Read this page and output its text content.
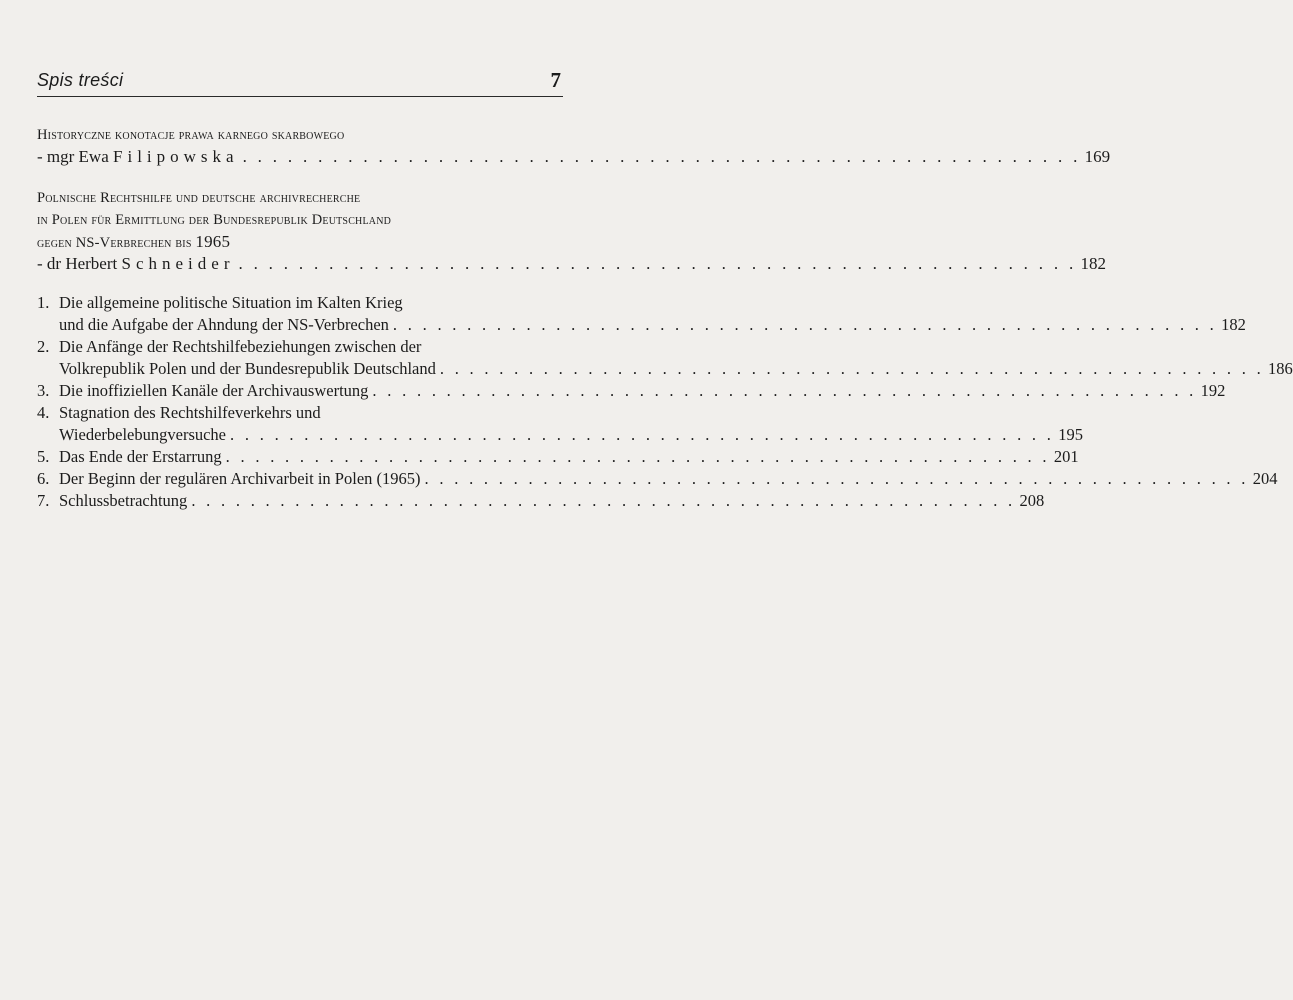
Spis treści	7
Historyczne konotacje prawa karnego skarbowego
- mgr Ewa Filipowska . . . . . . . . . . . . . . . . . . . . . . . . . . . . . . . . . . . . . . . . . . . . . . . . . . . . . . . . 169
Polnische Rechtshilfe und deutsche archivrecherche
in Polen für Ermittlung der Bundesrepublik Deutschland
gegen NS-Verbrechen bis 1965
- dr Herbert Schneider . . . . . . . . . . . . . . . . . . . . . . . . . . . . . . . . . . . . . . . . . . . . . . . . . . . . . . . . 182
1. Die allgemeine politische Situation im Kalten Krieg
und die Aufgabe der Ahndung der NS-Verbrechen . . . . . . . . . . . . . . . . . . . . . . . . . . . . . . . . . . . . . . . . . . . . . . . . . . . . . . . . 182
2. Die Anfänge der Rechtshilfebeziehungen zwischen der
Volkrepublik Polen und der Bundesrepublik Deutschland . . . . . . . . . . . . . . . . . . . . . . . . . . . . . . . . . . . . . . . . . . . . . . . . . . . . . . . . 186
3. Die inoffiziellen Kanäle der Archivauswertung . . . . . . . . . . . . . . . . . . . . . . . . . . . . . . . . . . . . . . . . . . . . . . . . . . . . . . . . 192
4. Stagnation des Rechtshilfeverkehrs und
Wiederbelebungversuche . . . . . . . . . . . . . . . . . . . . . . . . . . . . . . . . . . . . . . . . . . . . . . . . . . . . . . . . 195
5. Das Ende der Erstarrung . . . . . . . . . . . . . . . . . . . . . . . . . . . . . . . . . . . . . . . . . . . . . . . . . . . . . . . . 201
6. Der Beginn der regulären Archivarbeit in Polen (1965) . . . . . . . . . . . . . . . . . . . . . . . . . . . . . . . . . . . . . . . . . . . . . . . . . . . . . . . . 204
7. Schlussbetrachtung . . . . . . . . . . . . . . . . . . . . . . . . . . . . . . . . . . . . . . . . . . . . . . . . . . . . . . . . 208
